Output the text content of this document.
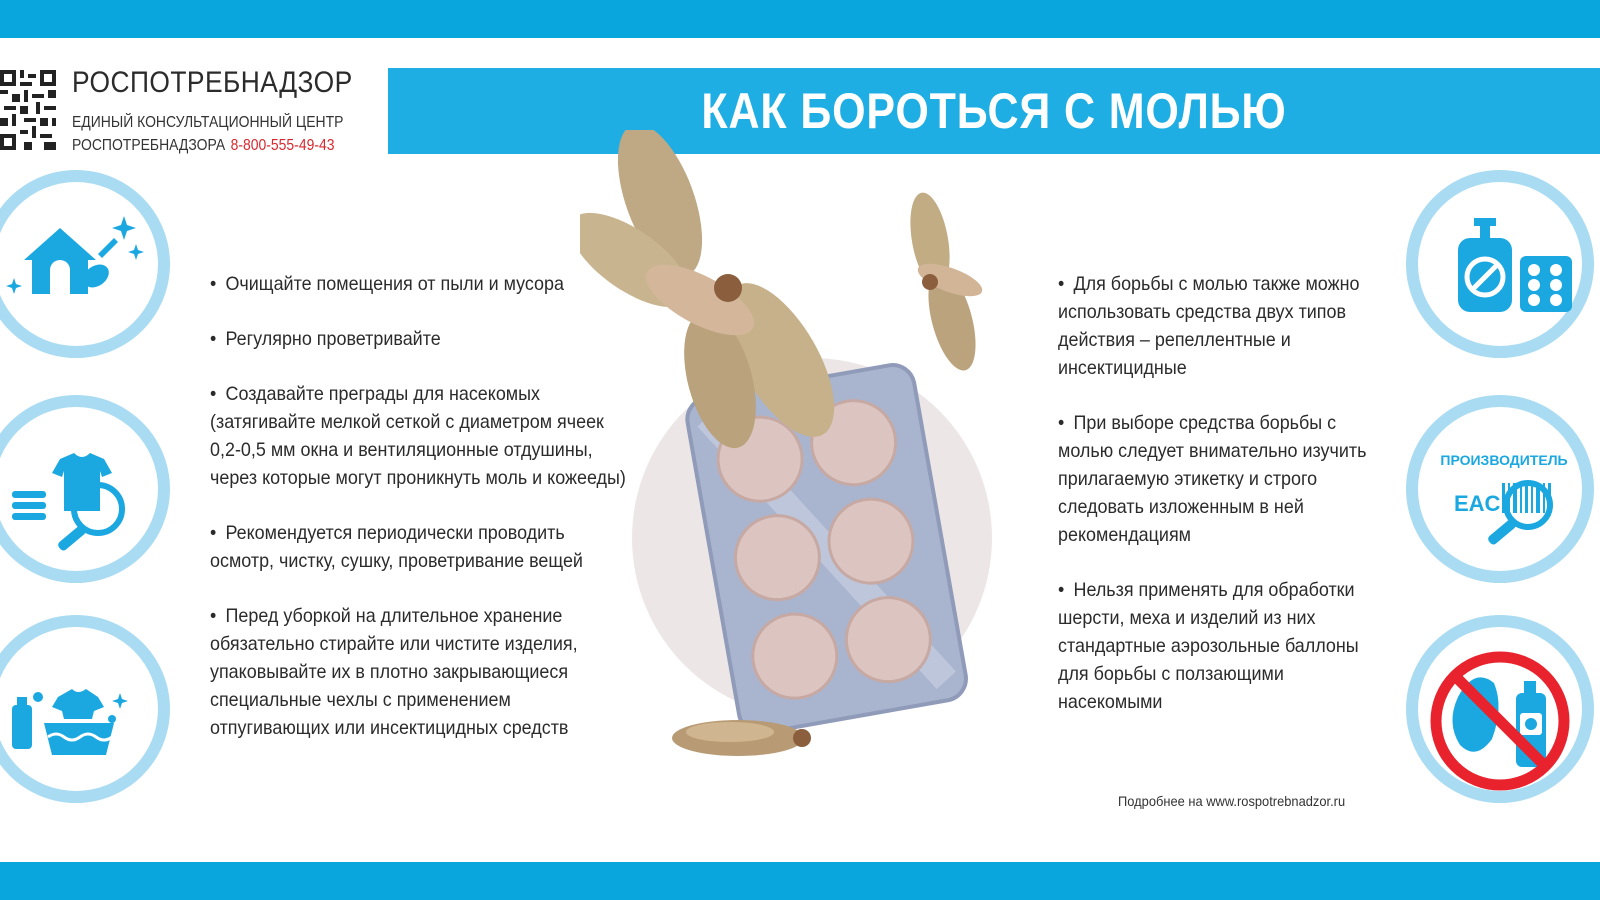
РОСПОТРЕБНАДЗОР
ЕДИНЫЙ КОНСУЛЬТАЦИОННЫЙ ЦЕНТР
РОСПОТРЕБНАДЗОРА 8-800-555-49-43
КАК БОРОТЬСЯ С МОЛЬЮ
ПРОИЗВОДИТЕЛЬ
EAC
• Очищайте помещения от пыли и мусора
• Регулярно проветривайте
• Создавайте преграды для насекомых (затягивайте мелкой сеткой с диаметром ячеек 0,2-0,5 мм окна и вентиляционные отдушины, через которые могут проникнуть моль и кожееды)
• Рекомендуется периодически проводить осмотр, чистку, сушку, проветривание вещей
• Перед уборкой на длительное хранение обязательно стирайте или чистите изделия, упаковывайте их в плотно закрывающиеся специальные чехлы с применением отпугивающих или инсектицидных средств
• Для борьбы с молью также можно использовать средства двух типов действия – репеллентные и инсектицидные
• При выборе средства борьбы с молью следует внимательно изучить прилагаемую этикетку и строго следовать изложенным в ней рекомендациям
• Нельзя применять для обработки шерсти, меха и изделий из них стандартные аэрозольные баллоны для борьбы с ползающими насекомыми
Подробнее на www.rospotrebnadzor.ru
